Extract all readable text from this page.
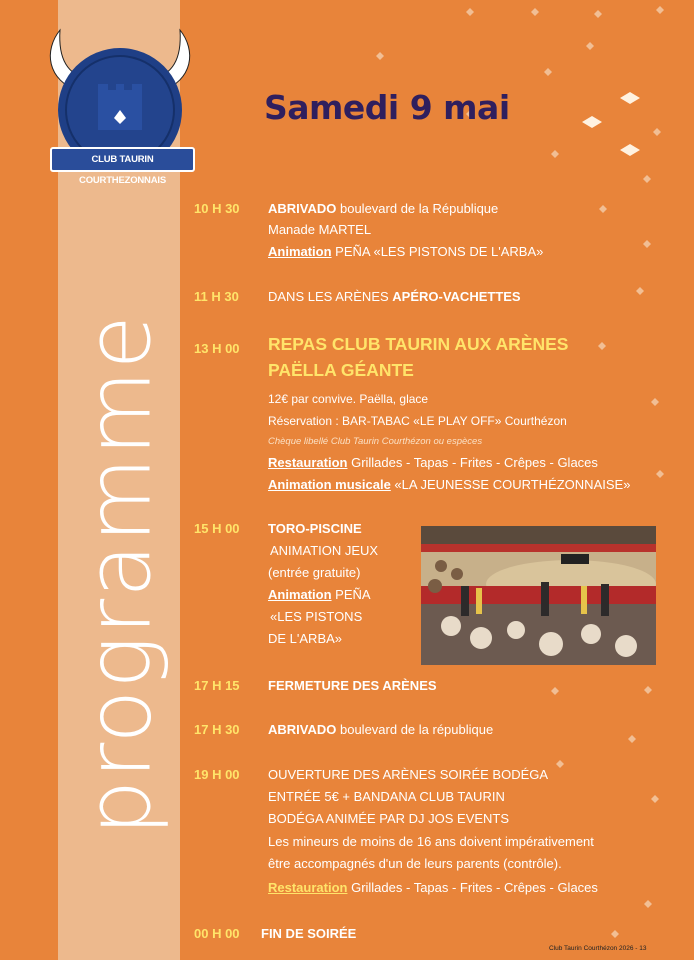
programme
CLUB TAURIN COURTHEZONNAIS
Samedi 9 mai
10 H 30 ABRIVADO boulevard de la République
Manade MARTEL
Animation PEÑA «LES PISTONS DE L'ARBA»
11 H 30 DANS LES ARÈNES APÉRO-VACHETTES
13 H 00 REPAS CLUB TAURIN AUX ARÈNES
PAËLLA GÉANTE
12€ par convive. Paëlla, glace
Réservation : BAR-TABAC «LE PLAY OFF» Courthézon
Chèque libellé Club Taurin Courthézon ou espèces
Restauration Grillades - Tapas - Frites - Crêpes - Glaces
Animation musicale «LA JEUNESSE COURTHÉZONNAISE»
15 H 00 TORO-PISCINE
ANIMATION JEUX
(entrée gratuite)
Animation PEÑA
«LES PISTONS
DE L'ARBA»
17 H 15 FERMETURE DES ARÈNES
17 H 30 ABRIVADO boulevard de la république
19 H 00 OUVERTURE DES ARÈNES SOIRÉE BODÉGA
ENTRÉE 5€ + BANDANA CLUB TAURIN
BODÉGA ANIMÉE PAR DJ JOS EVENTS
Les mineurs de moins de 16 ans doivent impérativement
être accompagnés d'un de leurs parents (contrôle).
Restauration Grillades - Tapas - Frites - Crêpes - Glaces
00 H 00 FIN DE SOIRÉE
Club Taurin Courthézon 2026 - 13
